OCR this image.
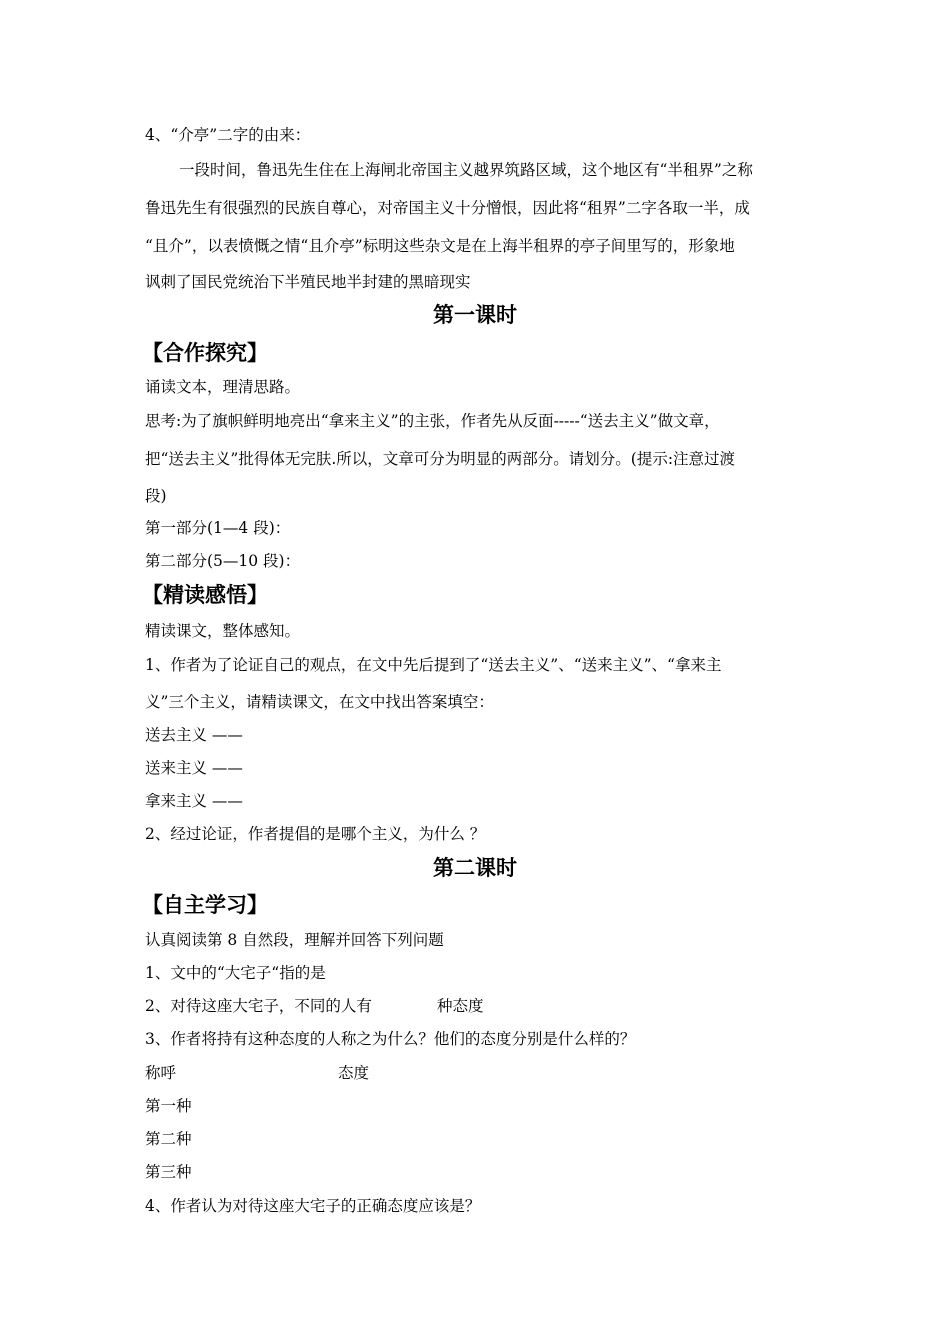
4、“介亭”二字的由来：
一段时间，鲁迅先生住在上海闸北帝国主义越界筑路区域，这个地区有“半租界”之称
鲁迅先生有很强烈的民族自尊心，对帝国主义十分憎恨，因此将“租界”二字各取一半，成
“且介”，以表愤慨之情“且介亭”标明这些杂文是在上海半租界的亭子间里写的，形象地
讽刺了国民党统治下半殖民地半封建的黑暗现实
第一课时
【合作探究】
诵读文本，理清思路。
思考:为了旗帜鲜明地亮出“拿来主义”的主张，作者先从反面-----“送去主义”做文章，
把“送去主义”批得体无完肤.所以，文章可分为明显的两部分。请划分。(提示:注意过渡
段)
第一部分(1—4 段)：
第二部分(5—10 段)：
【精读感悟】
精读课文，整体感知。
1、作者为了论证自己的观点，在文中先后提到了“送去主义”、“送来主义”、“拿来主
义”三个主义，请精读课文，在文中找出答案填空：
送去主义 ——
送来主义 ——
拿来主义 ——
2、经过论证，作者提倡的是哪个主义，为什么 ？
第二课时
【自主学习】
认真阅读第 8 自然段，理解并回答下列问题
1、文中的“大宅子“指的是
2、对待这座大宅子，不同的人有	种态度
3、作者将持有这种态度的人称之为什么？他们的态度分别是什么样的？
称呼	态度
第一种
第二种
第三种
4、作者认为对待这座大宅子的正确态度应该是？
